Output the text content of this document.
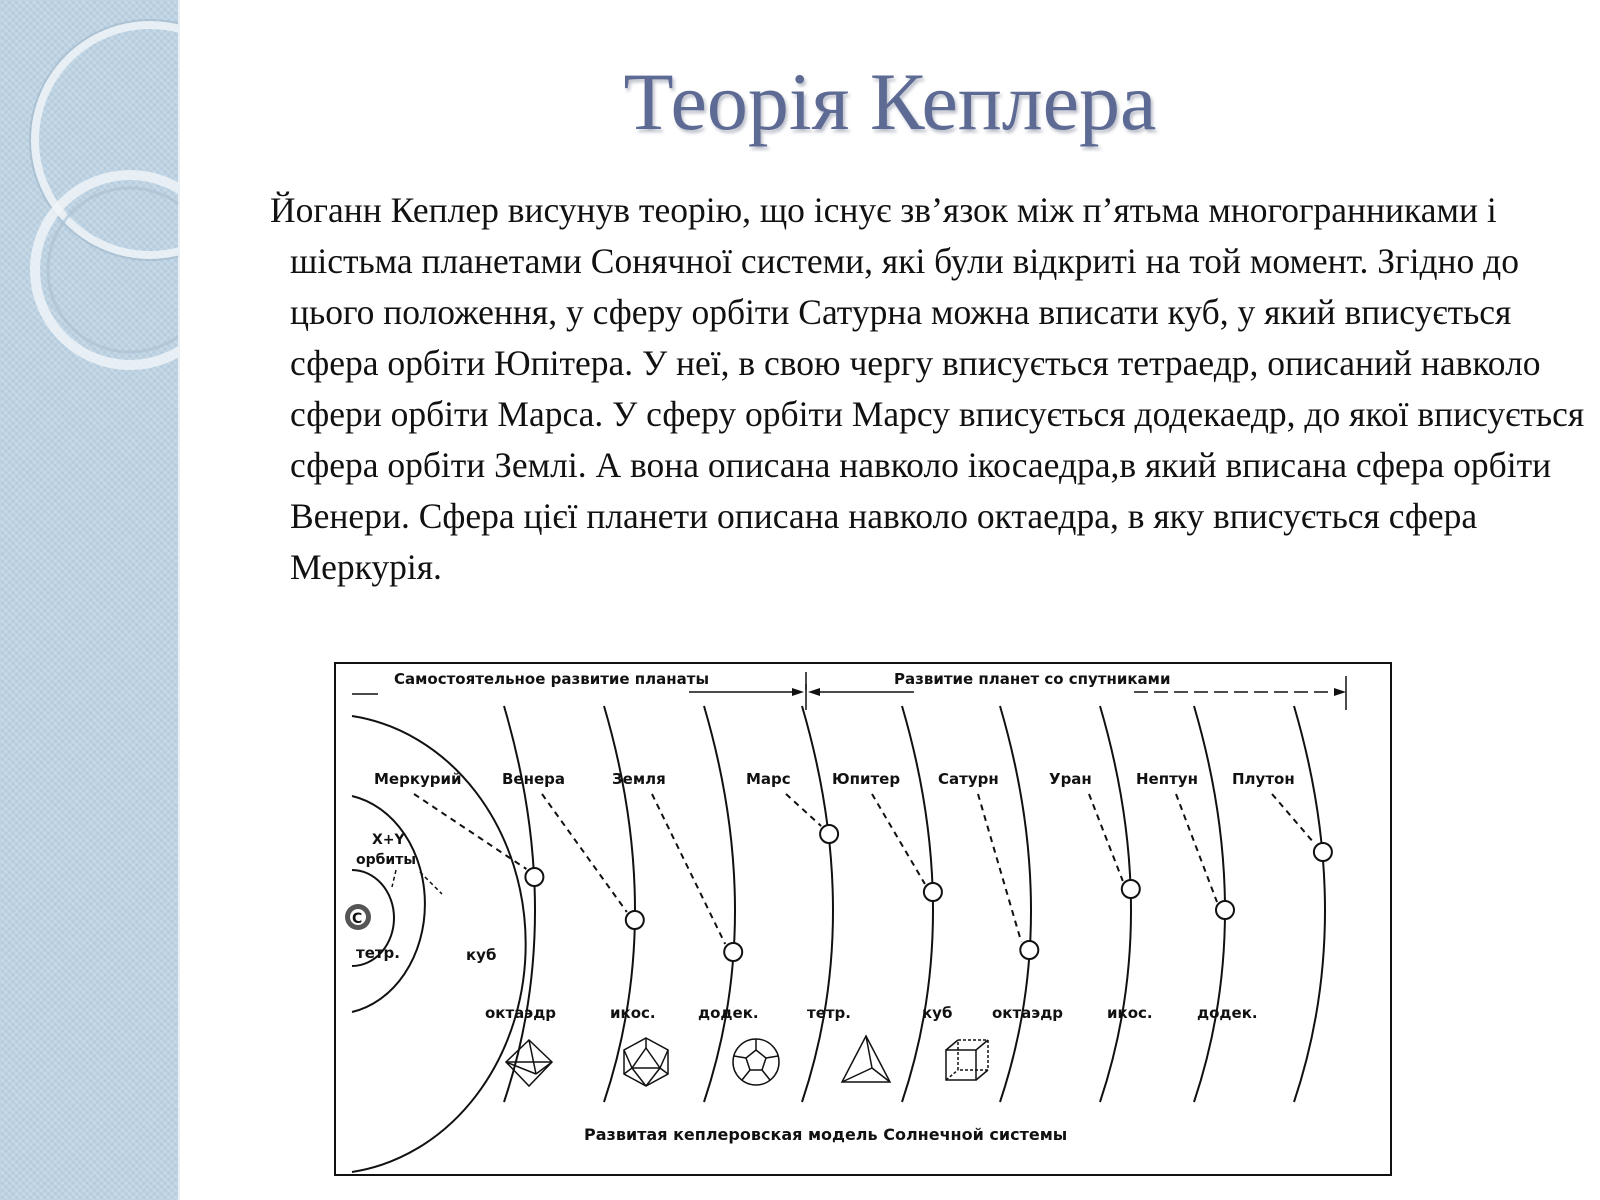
Теорія Кеплера

Йоганн Кеплер висунув теорію, що існує зв’язок між п’ятьма многогранниками і шістьма планетами Сонячної системи, які були відкриті на той момент. Згідно до цього положення, у сферу орбіти Сатурна можна вписати куб, у який вписується сфера орбіти Юпітера. У неї, в свою чергу вписується тетраедр, описаний навколо сфери орбіти Марса. У сферу орбіти Марсу вписується додекаедр, до якої вписується сфера орбіти Землі. А вона описана навколо ікосаедра,в який вписана сфера орбіти Венери. Сфера цієї планети описана навколо октаедра, в яку вписується сфера Меркурія.

Самостоятельное развитие планаты	Развитие планет со спутниками
С
Х+Y
орбиты
тетр.	куб
Меркурий	Венера	Земля	Марс	Юпитер	Сатурн	Уран	Нептун Плутон
октаэдр	икос.	додек.	тетр.	куб	октаэдр	икос.	додек.
Развитая кеплеровская модель Солнечной системы
